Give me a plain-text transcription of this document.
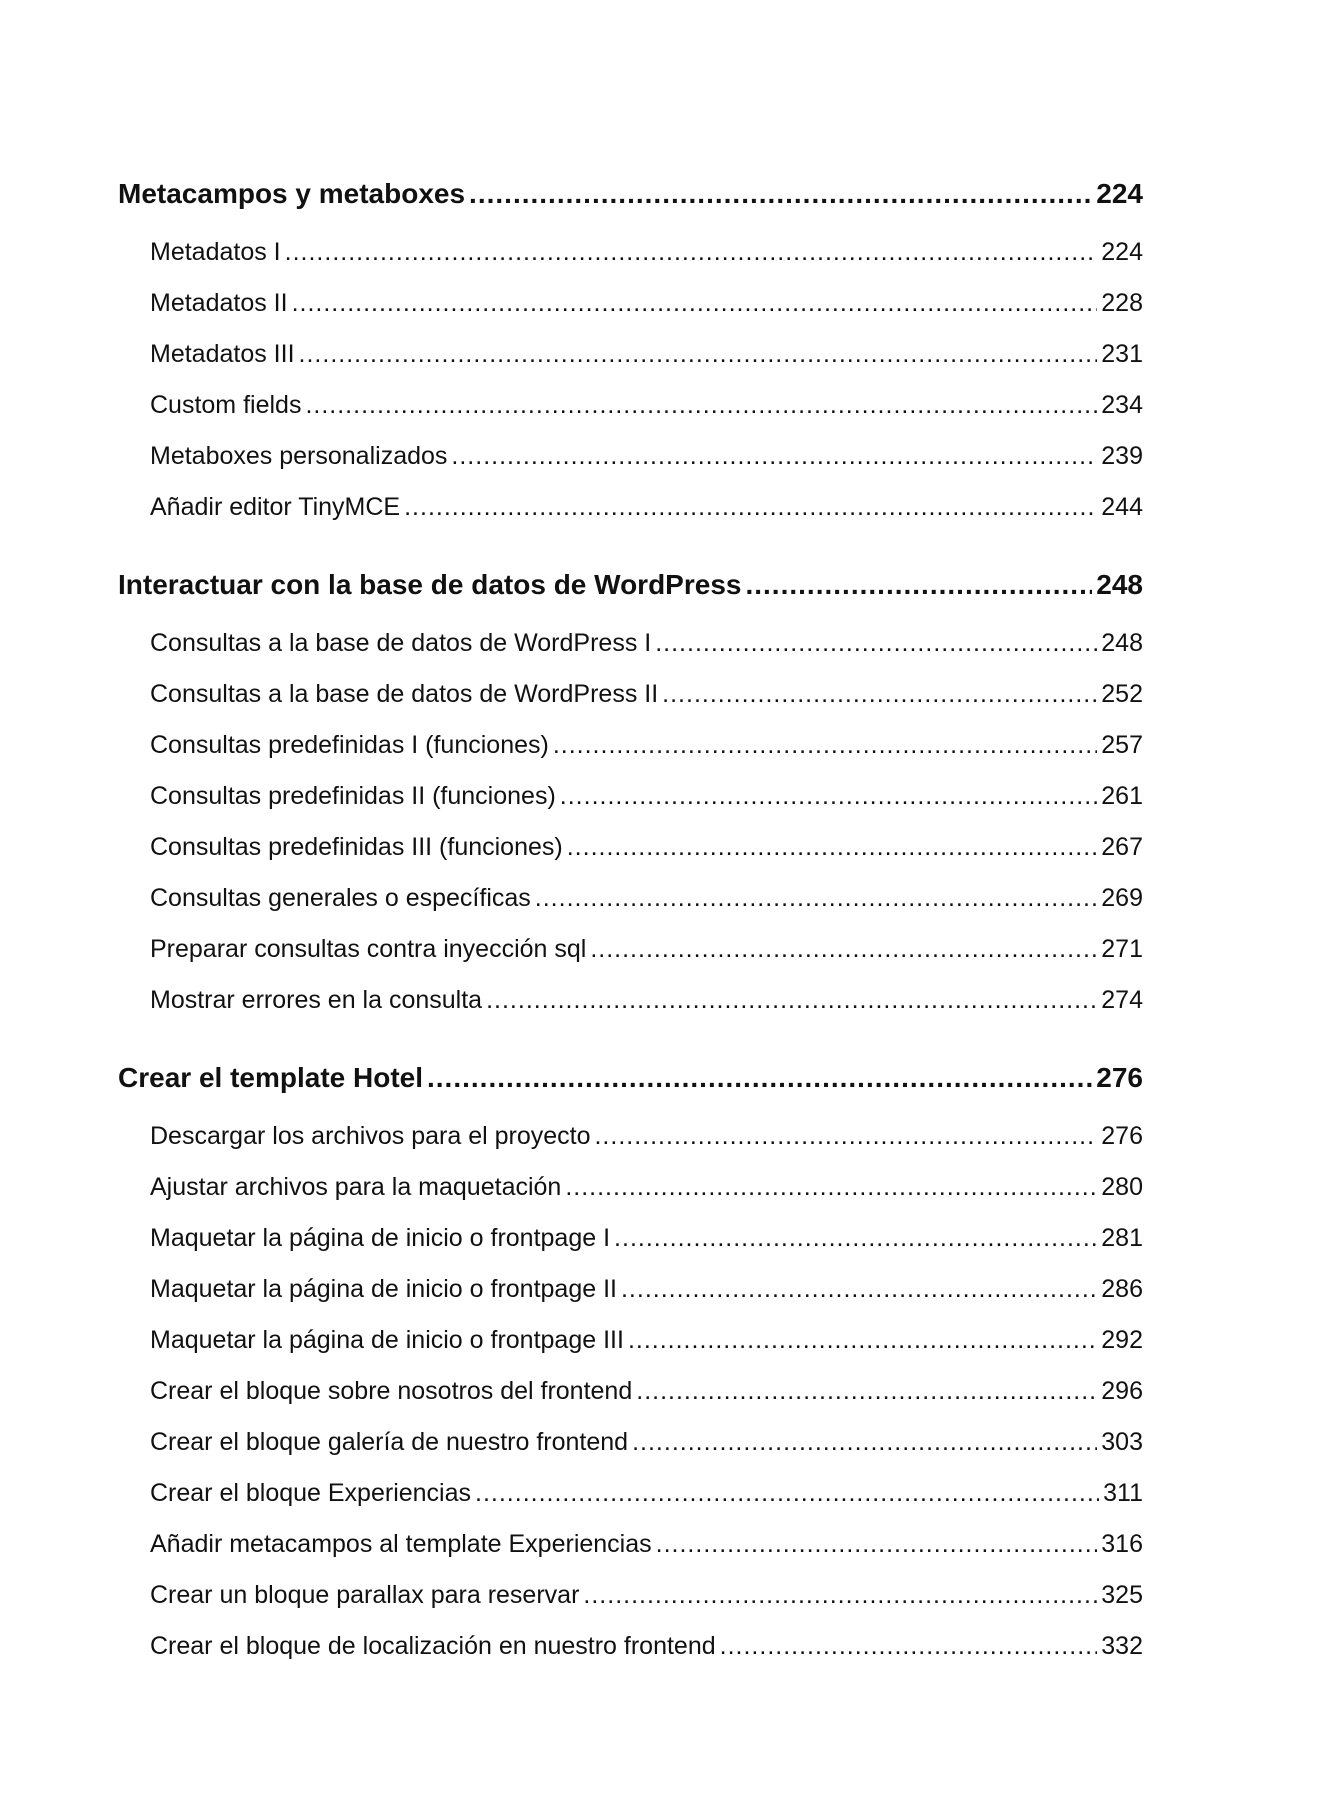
Metacampos y metaboxes .....	224
Metadatos I .....	224
Metadatos II .....	228
Metadatos III .....	231
Custom fields .....	234
Metaboxes personalizados .....	239
Añadir editor TinyMCE .....	244
Interactuar con la base de datos de WordPress .....	248
Consultas a la base de datos de WordPress I .....	248
Consultas a la base de datos de WordPress II .....	252
Consultas predefinidas I (funciones) .....	257
Consultas predefinidas II (funciones) .....	261
Consultas predefinidas III (funciones) .....	267
Consultas generales o específicas .....	269
Preparar consultas contra inyección sql .....	271
Mostrar errores en la consulta .....	274
Crear el template Hotel .....	276
Descargar los archivos para el proyecto .....	276
Ajustar archivos para la maquetación .....	280
Maquetar la página de inicio o frontpage I .....	281
Maquetar la página de inicio o frontpage II .....	286
Maquetar la página de inicio o frontpage III .....	292
Crear el bloque sobre nosotros del frontend .....	296
Crear el bloque galería de nuestro frontend .....	303
Crear el bloque Experiencias .....	311
Añadir metacampos al template Experiencias .....	316
Crear un bloque parallax para reservar .....	325
Crear el bloque de localización en nuestro frontend .....	332
